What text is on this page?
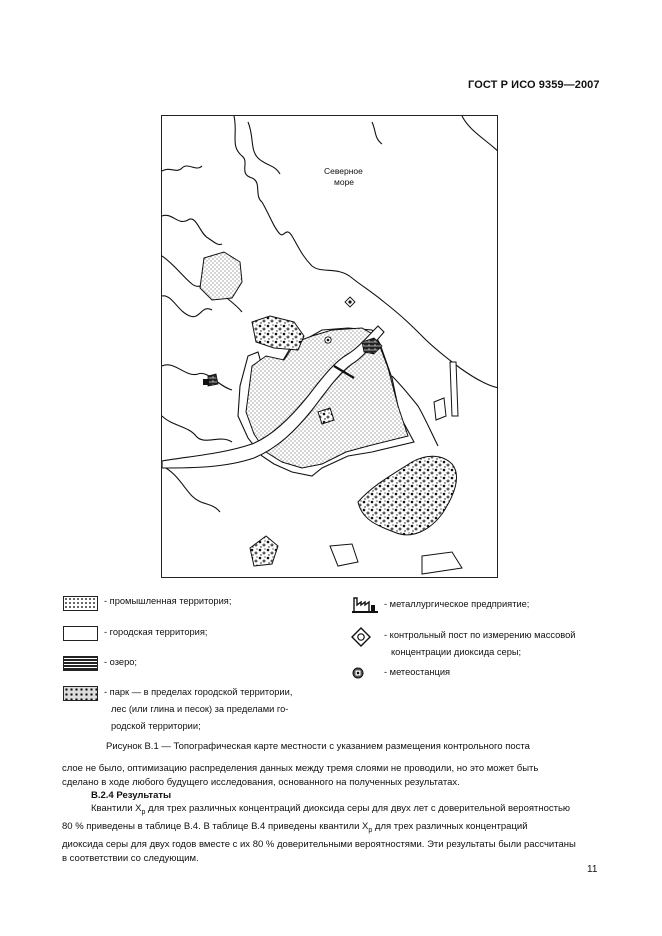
ГОСТ Р ИСО 9359—2007
Северное
море
- промышленная территория;
- городская территория;
- озеро;
- парк — в пределах городской территории,
лес (или глина и песок) за пределами го-
родской территории;
- металлургическое предприятие;
- контрольный пост по измерению массовой
концентрации диоксида серы;
- метеостанция
Рисунок В.1 — Топографическая карте местности с указанием размещения контрольного поста
слое не было, оптимизацию распределения данных между тремя слоями не проводили, но это может быть
сделано в ходе любого будущего исследования, основанного на полученных результатах.
В.2.4 Результаты
Квантили $X_p$ для трех различных концентраций диоксида серы для двух лет с доверительной вероятностью
80 % приведены в таблице В.4. В таблице В.4 приведены квантили $X_p$ для трех различных концентраций
диоксида серы для двух годов вместе с их 80 % доверительными вероятностями. Эти результаты были рассчитаны
в соответствии со следующим.
11
